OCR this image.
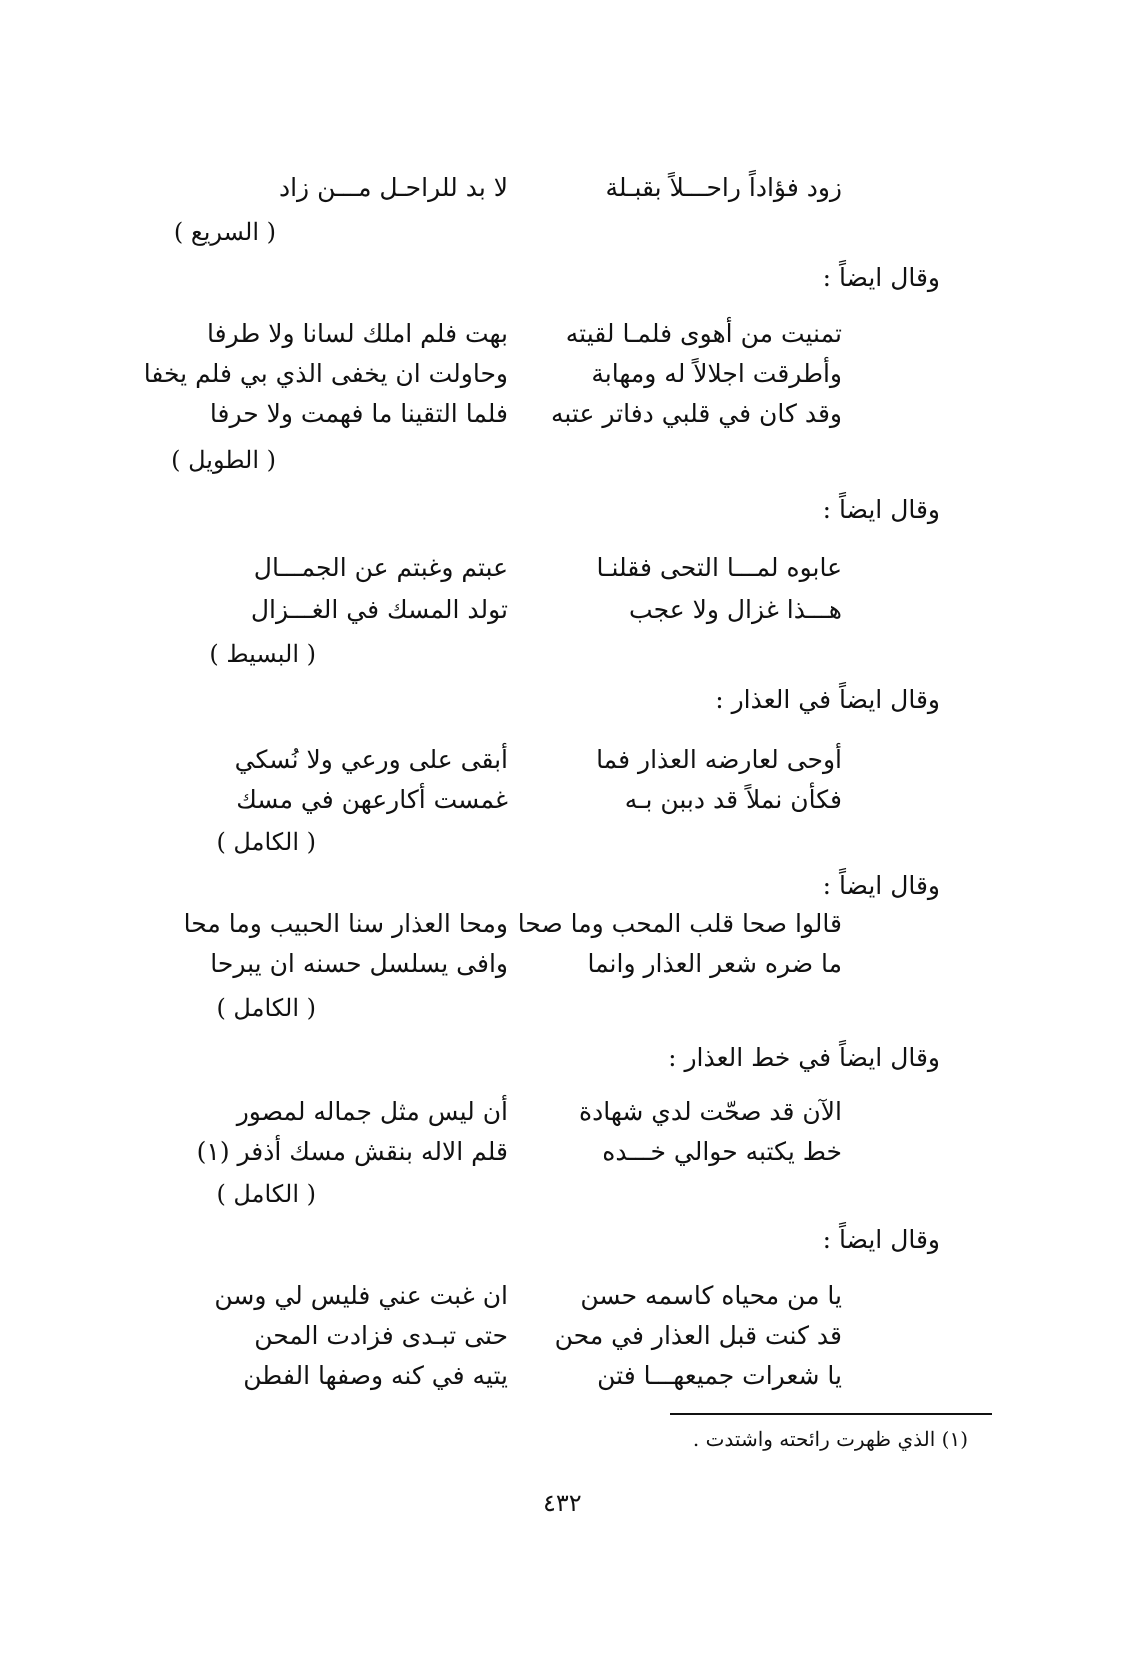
زود فؤاداً راحـــلاً بقبـلة
لا بد للراحـل مـــن زاد
( السريع )
وقال ايضاً :
تمنيت من أهوى فلمـا لقيته
بهت فلم املك لسانا ولا طرفا
وأطرقت اجلالاً له ومهابة
وحاولت ان يخفى الذي بي فلم يخفا
وقد كان في قلبي دفاتر عتبه
فلما التقينا ما فهمت ولا حرفا
( الطويل )
وقال ايضاً :
عابوه لمـــا التحى فقلنـا
عبتم وغبتم عن الجمـــال
هـــذا غزال ولا عجب
تولد المسك في الغـــزال
( البسيط )
وقال ايضاً في العذار :
أوحى لعارضه العذار فما
أبقى على ورعي ولا نُسكي
فكأن نملاً قد دببن بـه
غمست أكارعهن في مسك
( الكامل )
وقال ايضاً :
قالوا صحا قلب المحب وما صحا
ومحا العذار سنا الحبيب وما محا
ما ضره شعر العذار وانما
وافى يسلسل حسنه ان يبرحا
( الكامل )
وقال ايضاً في خط العذار :
الآن قد صحّت لدي شهادة
أن ليس مثل جماله لمصور
خط يكتبه حوالي خـــده
قلم الاله بنقش مسك أذفر (١)
( الكامل )
وقال ايضاً :
يا من محياه كاسمه حسن
ان غبت عني فليس لي وسن
قد كنت قبل العذار في محن
حتى تبـدى فزادت المحن
يا شعرات جميعهـــا فتن
يتيه في كنه وصفها الفطن
(١) الذي ظهرت رائحته واشتدت .
٤٣٢
